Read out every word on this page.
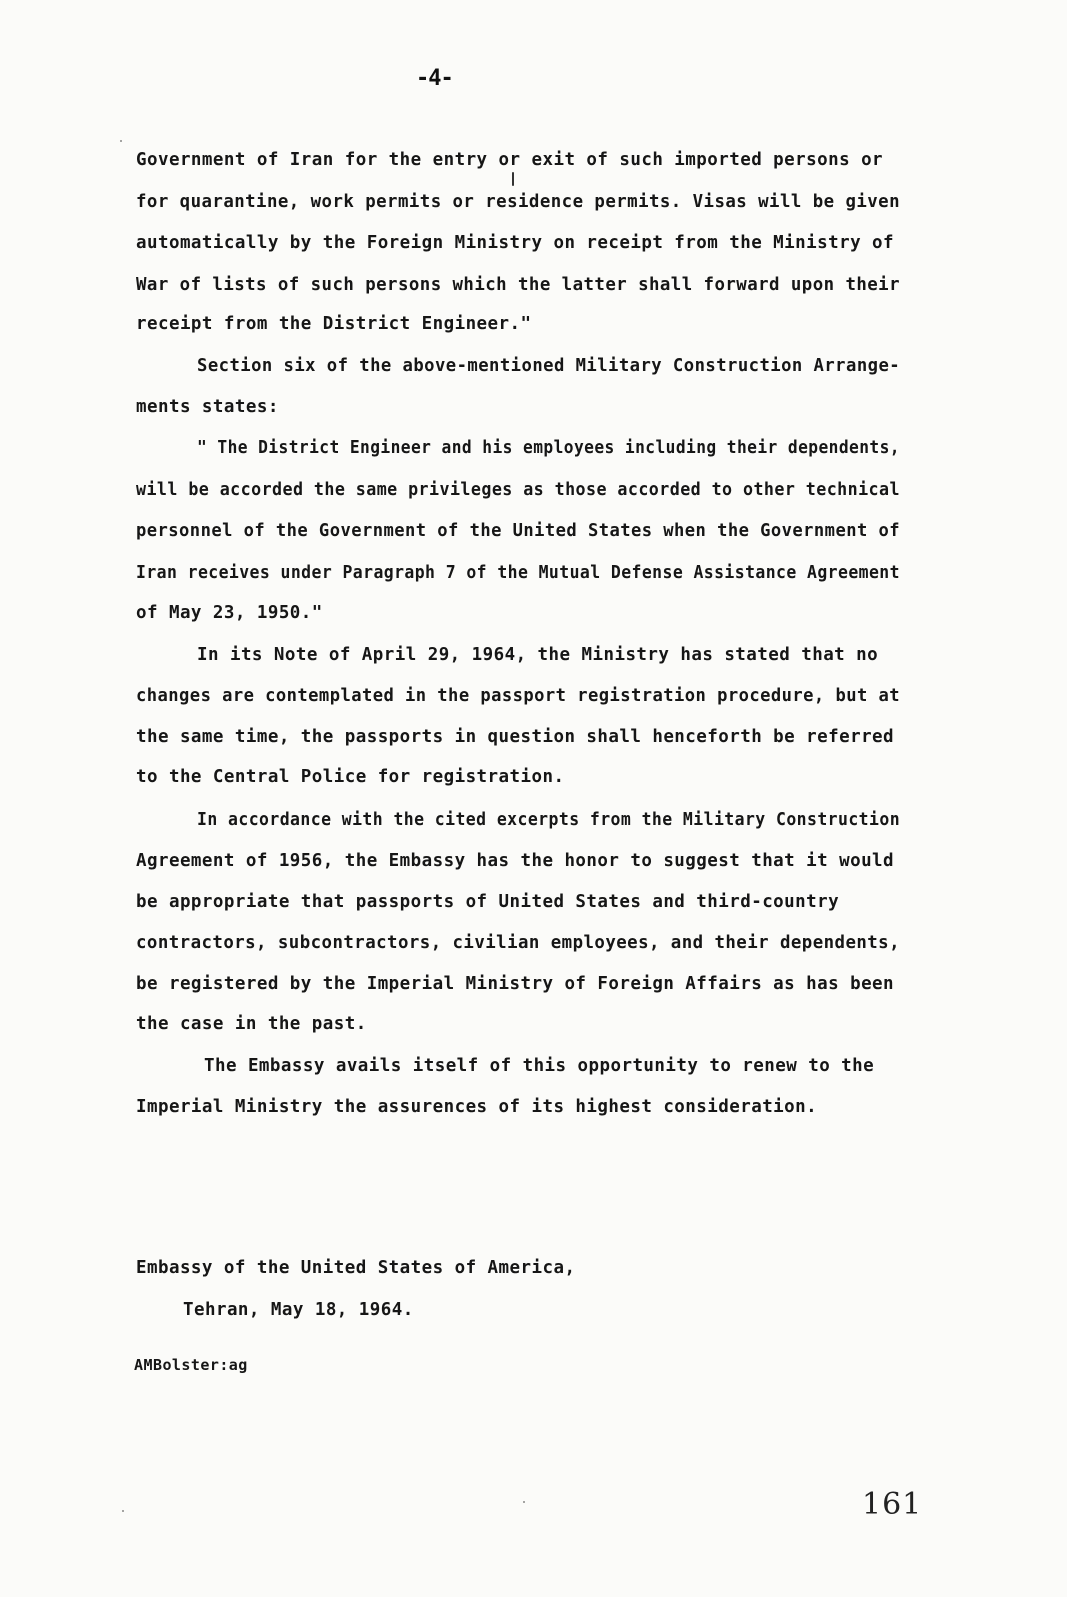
-4-
Government of Iran for the entry or exit of such imported persons or
for quarantine, work permits or residence permits. Visas will be given
automatically by the Foreign Ministry on receipt from the Ministry of
War of lists of such persons which the latter shall forward upon their
receipt from the District Engineer."
Section six of the above-mentioned Military Construction Arrange-
ments states:
" The District Engineer and his employees including their dependents,
will be accorded the same privileges as those accorded to other technical
personnel of the Government of the United States when the Government of
Iran receives under Paragraph 7 of the Mutual Defense Assistance Agreement
of May 23, 1950."
In its Note of April 29, 1964, the Ministry has stated that no
changes are contemplated in the passport registration procedure, but at
the same time, the passports in question shall henceforth be referred
to the Central Police for registration.
In accordance with the cited excerpts from the Military Construction
Agreement of 1956, the Embassy has the honor to suggest that it would
be appropriate that passports of United States and third-country
contractors, subcontractors, civilian employees, and their dependents,
be registered by the Imperial Ministry of Foreign Affairs as has been
the case in the past.
The Embassy avails itself of this opportunity to renew to the
Imperial Ministry the assurences of its highest consideration.
Embassy of the United States of America,
Tehran, May 18, 1964.
AMBolster:ag
161
